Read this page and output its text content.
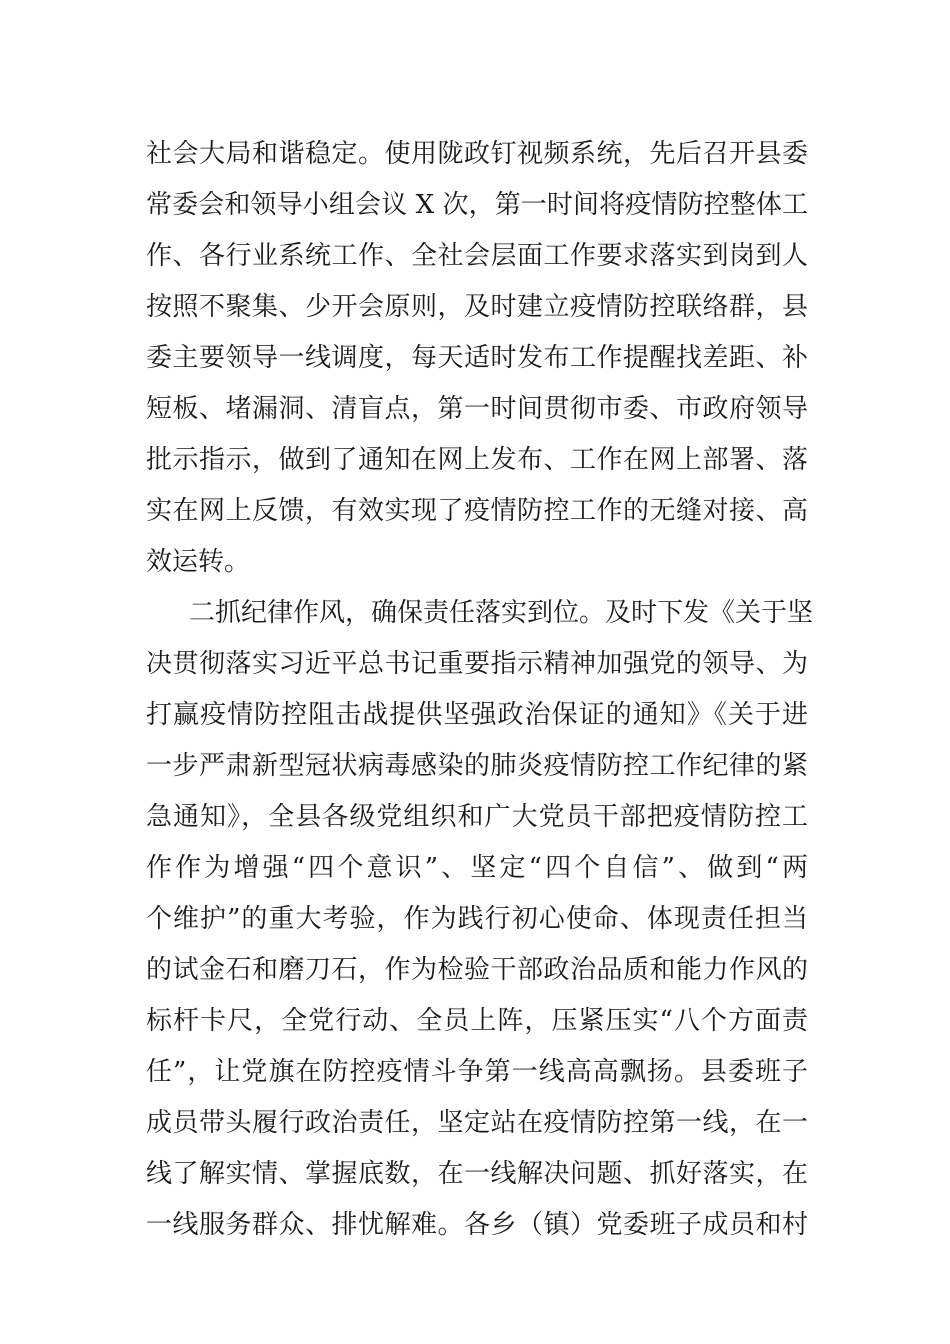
社会大局和谐稳定。使用陇政钉视频系统，先后召开县委
常委会和领导小组会议 X 次，第一时间将疫情防控整体工
作、各行业系统工作、全社会层面工作要求落实到岗到人
按照不聚集、少开会原则，及时建立疫情防控联络群，县
委主要领导一线调度，每天适时发布工作提醒找差距、补
短板、堵漏洞、清盲点，第一时间贯彻市委、市政府领导
批示指示，做到了通知在网上发布、工作在网上部署、落
实在网上反馈，有效实现了疫情防控工作的无缝对接、高
效运转。
二抓纪律作风，确保责任落实到位。及时下发《关于坚
决贯彻落实习近平总书记重要指示精神加强党的领导、为
打赢疫情防控阻击战提供坚强政治保证的通知》《关于进
一步严肃新型冠状病毒感染的肺炎疫情防控工作纪律的紧
急通知》，全县各级党组织和广大党员干部把疫情防控工
作作为增强“四个意识”、坚定“四个自信”、做到“两
个维护”的重大考验，作为践行初心使命、体现责任担当
的试金石和磨刀石，作为检验干部政治品质和能力作风的
标杆卡尺，全党行动、全员上阵，压紧压实“八个方面责
任”，让党旗在防控疫情斗争第一线高高飘扬。县委班子
成员带头履行政治责任，坚定站在疫情防控第一线，在一
线了解实情、掌握底数，在一线解决问题、抓好落实，在
一线服务群众、排忧解难。各乡（镇）党委班子成员和村
